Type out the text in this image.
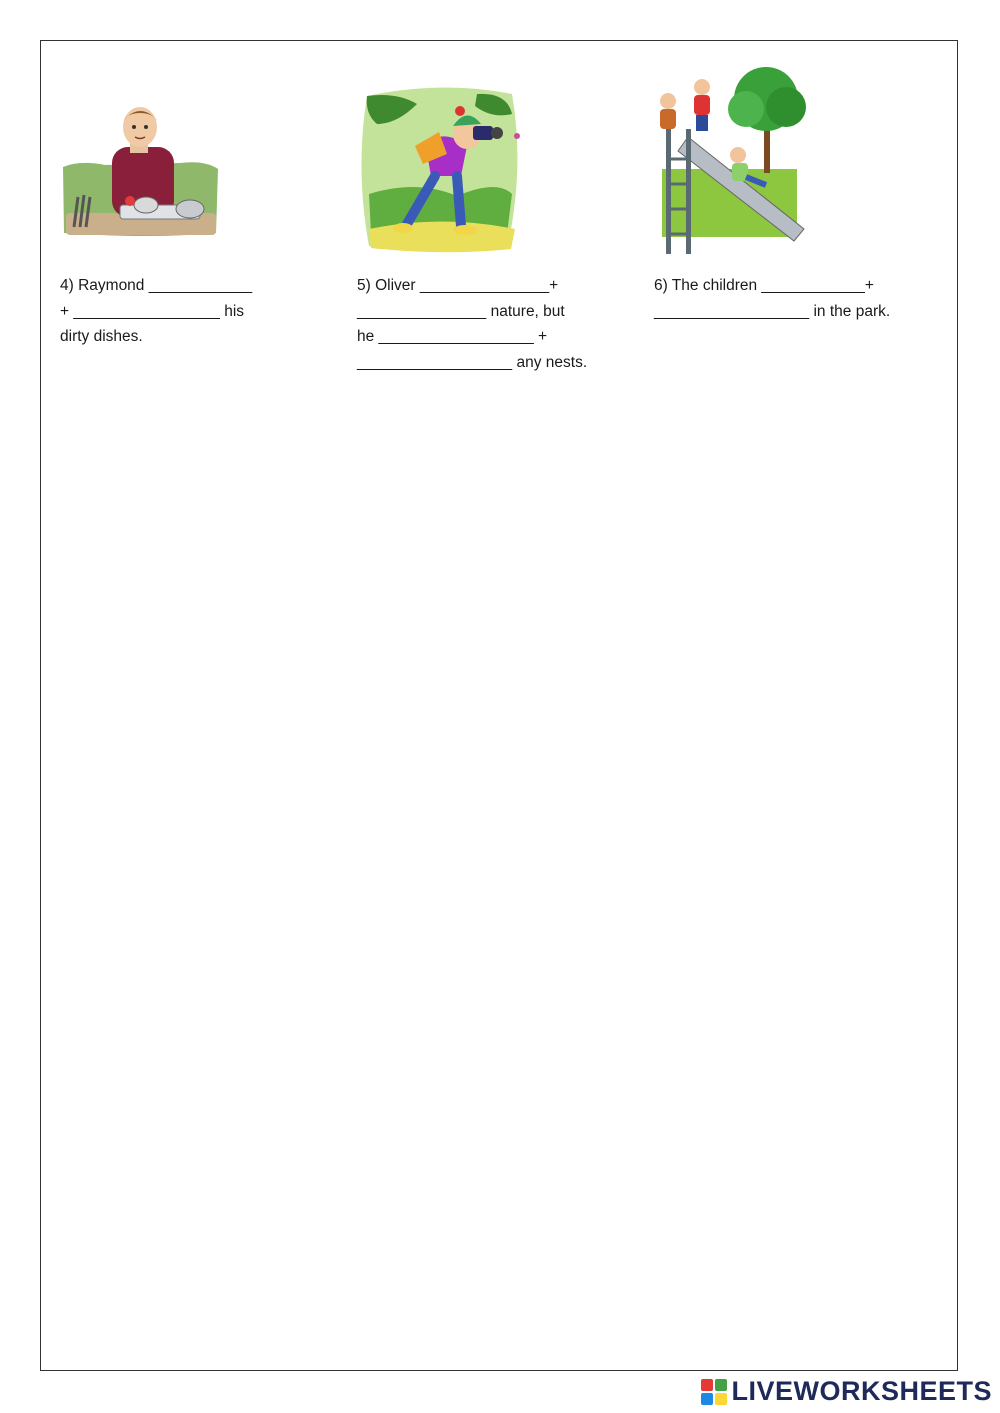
4) Raymond ____________
+ _________________ his
dirty dishes.
5) Oliver _______________+
_______________ nature, but
he __________________ +
__________________ any nests.
6) The children ____________+
__________________ in the park.
LIVEWORKSHEETS
